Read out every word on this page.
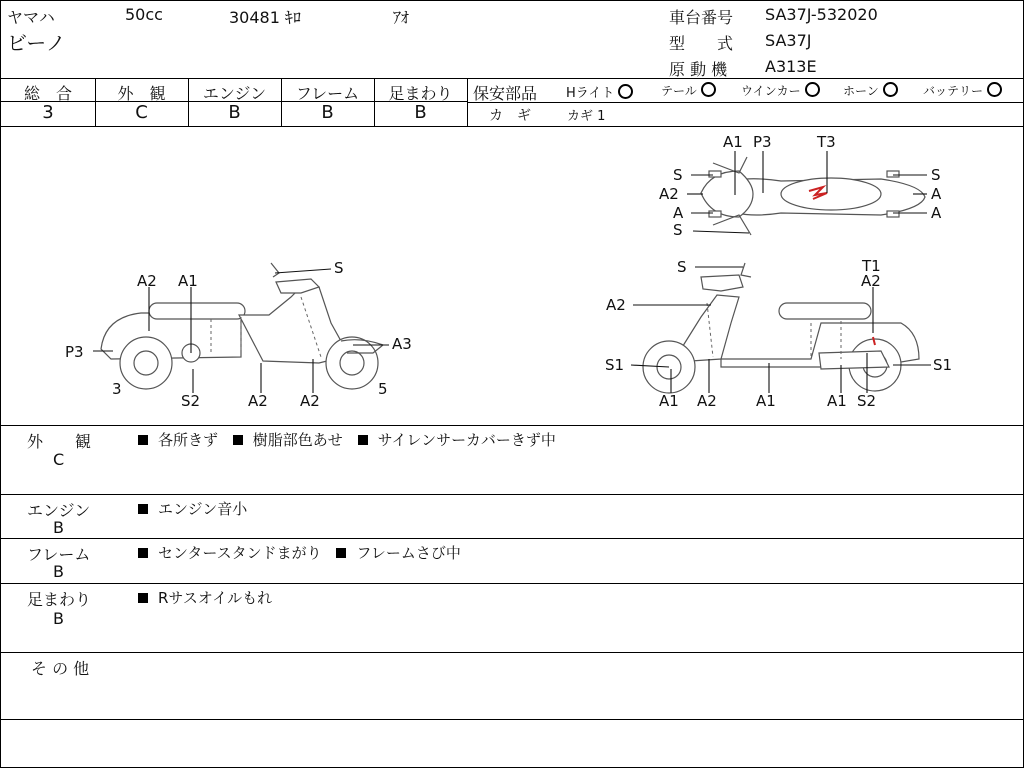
ヤマハ	50cc	30481 ｷﾛ	ｱｵ
ビーノ
車台番号 SA37J-532020
型　　式 SA37J
原 動 機 A313E
総　合	外　観	エンジン	フレーム	足まわり
3	C	B	B	B
保安部品 Hライト	テール	ウインカー	ホーン	バッテリー
カ　ギ	カギ 1
A2 A1
S
P3	A3
3	5
S2	A2 A2
A1 P3	T3
S	S
A2	A
A	A
S
S	T1
A2
A2
S1	S1
A1 A2	A1	A1 S2
外　　観
C
各所きず 樹脂部色あせ サイレンサーカバーきず中
エンジン
B
エンジン音小
フレーム
B
センタースタンドまがり フレームさび中
足まわり
B
Rサスオイルもれ
そ の 他
